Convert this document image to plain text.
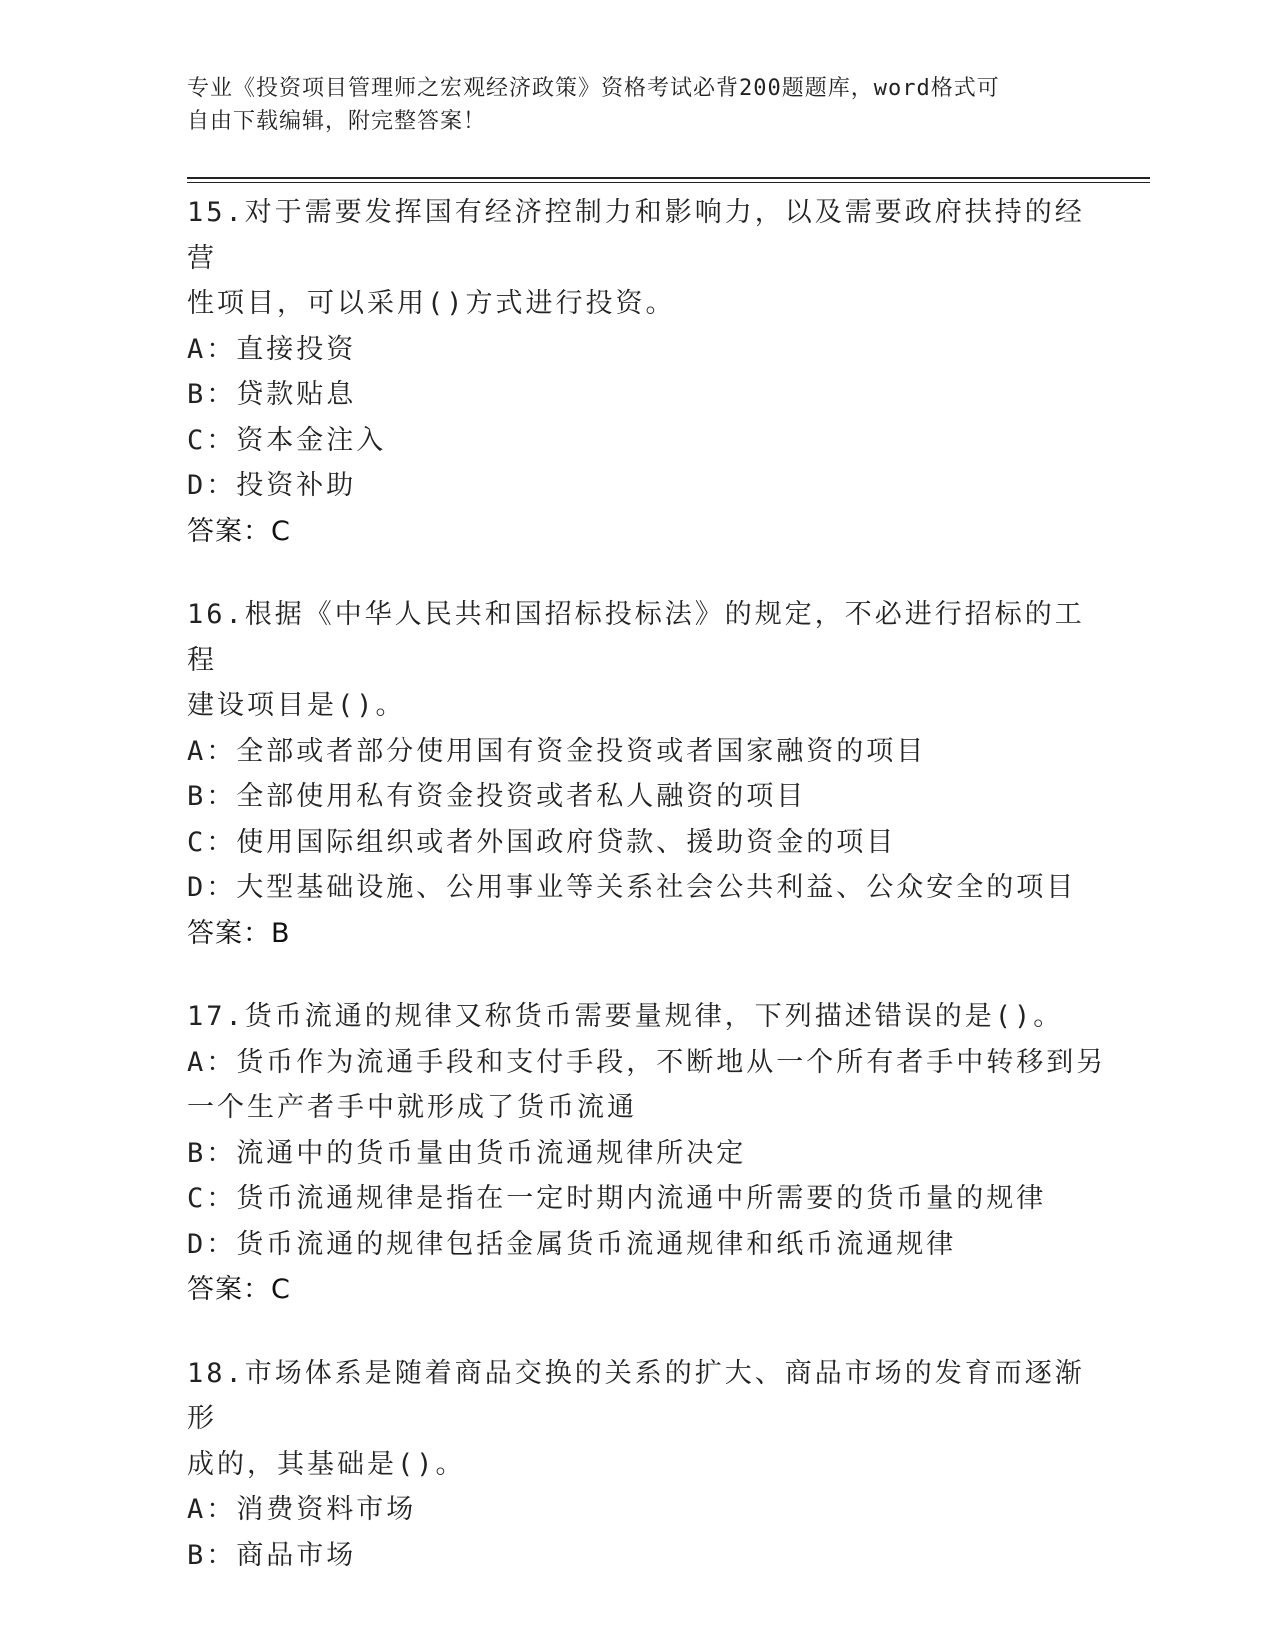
专业《投资项目管理师之宏观经济政策》资格考试必背200题题库，word格式可
自由下载编辑，附完整答案！
15.对于需要发挥国有经济控制力和影响力，以及需要政府扶持的经营
性项目，可以采用()方式进行投资。
A：直接投资
B：贷款贴息
C：资本金注入
D：投资补助
答案：C
16.根据《中华人民共和国招标投标法》的规定，不必进行招标的工程
建设项目是()。
A：全部或者部分使用国有资金投资或者国家融资的项目
B：全部使用私有资金投资或者私人融资的项目
C：使用国际组织或者外国政府贷款、援助资金的项目
D：大型基础设施、公用事业等关系社会公共利益、公众安全的项目
答案：B
17.货币流通的规律又称货币需要量规律，下列描述错误的是()。
A：货币作为流通手段和支付手段，不断地从一个所有者手中转移到另
一个生产者手中就形成了货币流通
B：流通中的货币量由货币流通规律所决定
C：货币流通规律是指在一定时期内流通中所需要的货币量的规律
D：货币流通的规律包括金属货币流通规律和纸币流通规律
答案：C
18.市场体系是随着商品交换的关系的扩大、商品市场的发育而逐渐形
成的，其基础是()。
A：消费资料市场
B：商品市场
